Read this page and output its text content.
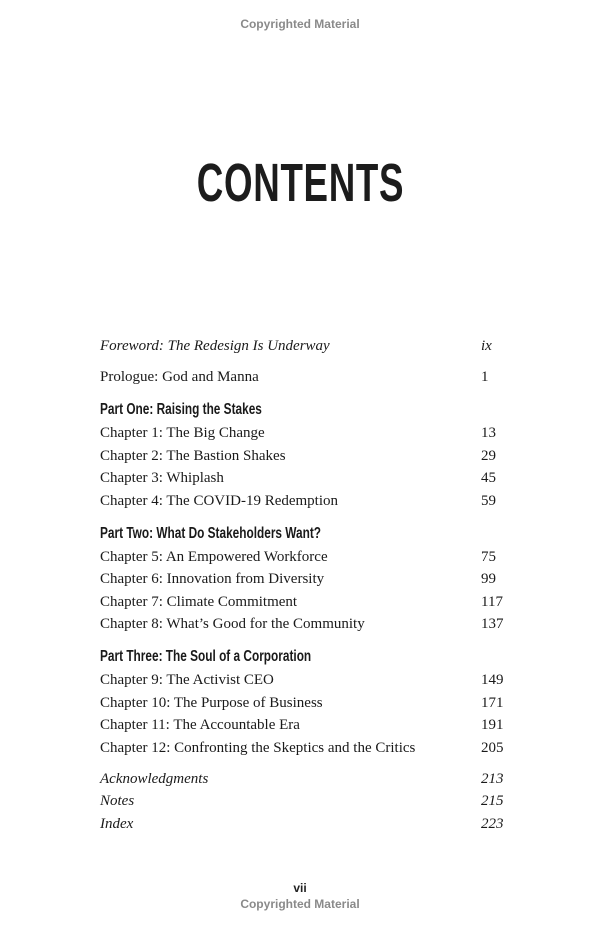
Copyrighted Material
CONTENTS
Foreword: The Redesign Is Underway	ix
Prologue: God and Manna	1
Part One: Raising the Stakes
Chapter 1: The Big Change	13
Chapter 2: The Bastion Shakes	29
Chapter 3: Whiplash	45
Chapter 4: The COVID-19 Redemption	59
Part Two: What Do Stakeholders Want?
Chapter 5: An Empowered Workforce	75
Chapter 6: Innovation from Diversity	99
Chapter 7: Climate Commitment	117
Chapter 8: What’s Good for the Community	137
Part Three: The Soul of a Corporation
Chapter 9: The Activist CEO	149
Chapter 10: The Purpose of Business	171
Chapter 11: The Accountable Era	191
Chapter 12: Confronting the Skeptics and the Critics	205
Acknowledgments	213
Notes	215
Index	223
vii
Copyrighted Material
